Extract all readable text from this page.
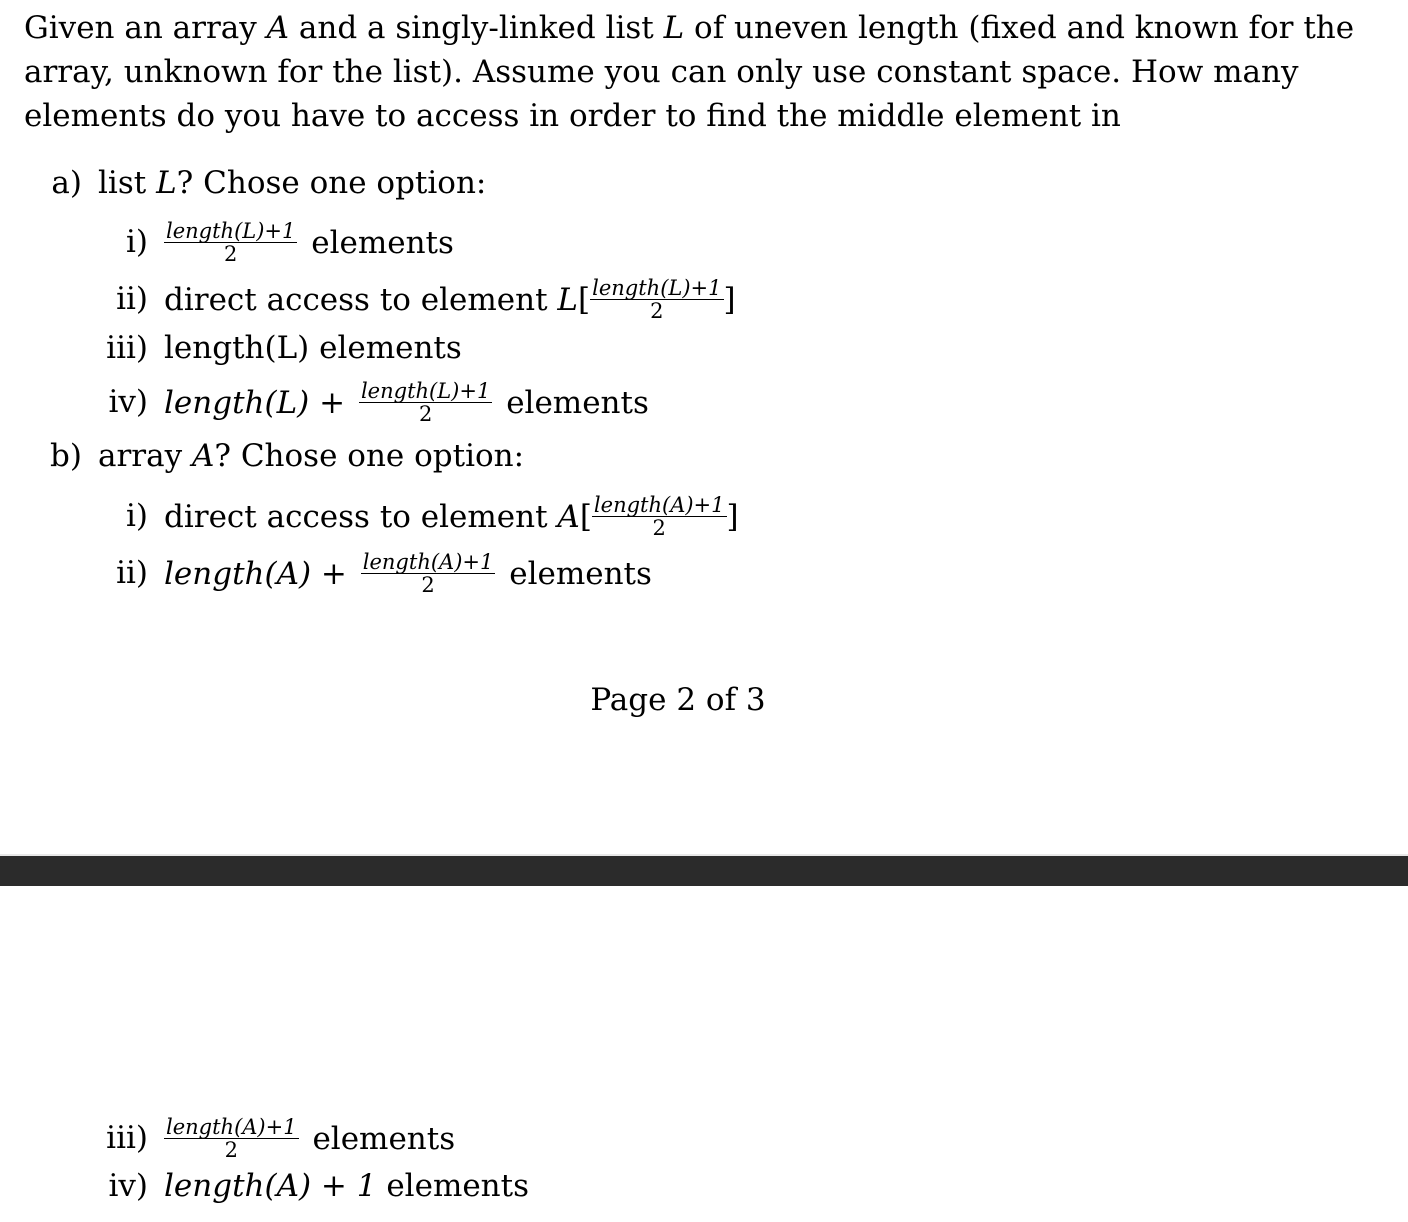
Given an array A and a singly-linked list L of uneven length (fixed and known for the array, unknown for the list). Assume you can only use constant space. How many elements do you have to access in order to find the middle element in

a) list L? Chose one option:
$i) \frac{\text{length(L)+1}}{2}$ elements
ii) direct access to element $L[ \frac{\text{length(L)+1}}{2}$ ]
iii) length(L) elements
iv) length(L) + $\frac{\text{length(L)+1}}{2}$ elements
b) array A? Chose one option:
i) direct access to element $A[ \frac{\text{length(A)+1}}{2}$ ]
ii) length(A) + $\frac{\text{length(A)+1}}{2}$ elements
Page 2 of 3
$iii) \frac{\text{length(A)+1}}{2}$ elements
iv) length(A) + 1 elements
